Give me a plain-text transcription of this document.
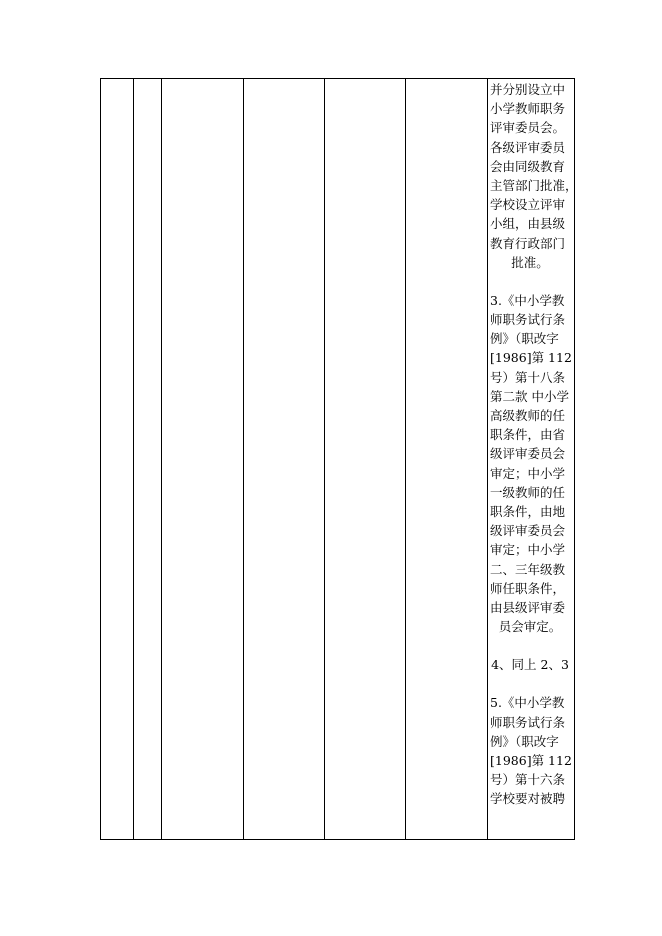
并分别设立中
小学教师职务
评审委员会。
各级评审委员
会由同级教育
主管部门批准，
学校设立评审
小组，由县级
教育行政部门
批准。
3.《中小学教
师职务试行条
例》（职改字
[1986]第 112
号）第十八条
第二款 中小学
高级教师的任
职条件，由省
级评审委员会
审定；中小学
一级教师的任
职条件，由地
级评审委员会
审定；中小学
二、三年级教
师任职条件，
由县级评审委
员会审定。
4、同上 2、3
5.《中小学教
师职务试行条
例》（职改字
[1986]第 112
号）第十六条
学校要对被聘
